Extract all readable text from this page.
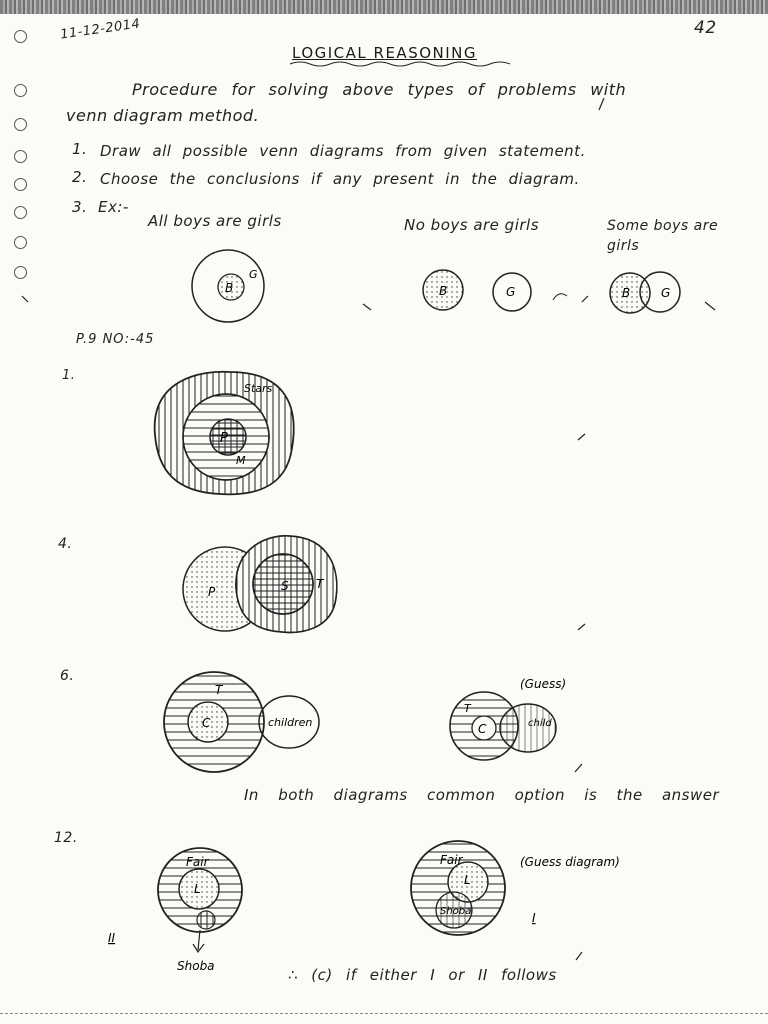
11-12-2014	42
LOGICAL REASONING
Procedure for solving above types of problems with
venn diagram method.
1. Draw all possible venn diagrams from given statement.
2. Choose the conclusions if any present in the diagram.
3. Ex:-
All boys are girls	No boys are girls	Some boys are girls
P.9 NO:-45
1.
4.
6.
12.
In both diagrams common option is the answer
∴ (c) if either I or II follows
B
G
B	G	B	G
Stars
P
M
P	S T
T
C	children
(Guess)
T
C	child
Fair
L
Shoba
II
Fair	(Guess diagram)
L
Shoba	I
